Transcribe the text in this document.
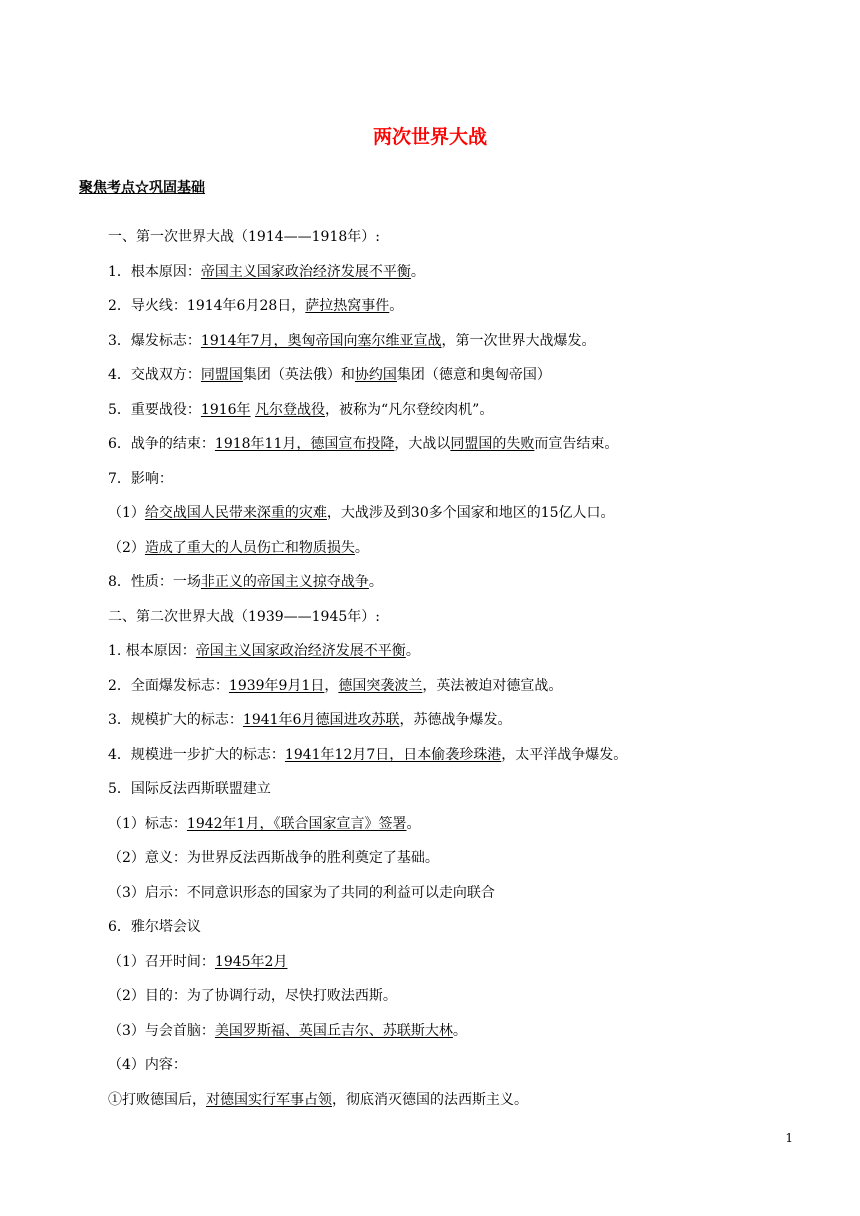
两次世界大战
聚焦考点☆巩固基础
一、第一次世界大战（1914——1918年）:
1．根本原因：帝国主义国家政治经济发展不平衡。
2．导火线：1914年6月28日，萨拉热窝事件。
3．爆发标志：1914年7月，奥匈帝国向塞尔维亚宣战，第一次世界大战爆发。
4．交战双方：同盟国集团（英法俄）和协约国集团（德意和奥匈帝国）
5．重要战役：1916年 凡尔登战役，被称为“凡尔登绞肉机”。
6．战争的结束：1918年11月，德国宣布投降，大战以同盟国的失败而宣告结束。
7．影响：
（1）给交战国人民带来深重的灾难，大战涉及到30多个国家和地区的15亿人口。
（2）造成了重大的人员伤亡和物质损失。
8．性质：一场非正义的帝国主义掠夺战争。
二、第二次世界大战（1939——1945年）:
1. 根本原因：帝国主义国家政治经济发展不平衡。
2．全面爆发标志：1939年9月1日，德国突袭波兰，英法被迫对德宣战。
3．规模扩大的标志：1941年6月德国进攻苏联，苏德战争爆发。
4．规模进一步扩大的标志：1941年12月7日，日本偷袭珍珠港，太平洋战争爆发。
5．国际反法西斯联盟建立
（1）标志：1942年1月，《联合国家宣言》签署。
（2）意义：为世界反法西斯战争的胜利奠定了基础。
（3）启示：不同意识形态的国家为了共同的利益可以走向联合
6．雅尔塔会议
（1）召开时间：1945年2月
（2）目的：为了协调行动，尽快打败法西斯。
（3）与会首脑：美国罗斯福、英国丘吉尔、苏联斯大林。
（4）内容：
①打败德国后，对德国实行军事占领，彻底消灭德国的法西斯主义。
1
